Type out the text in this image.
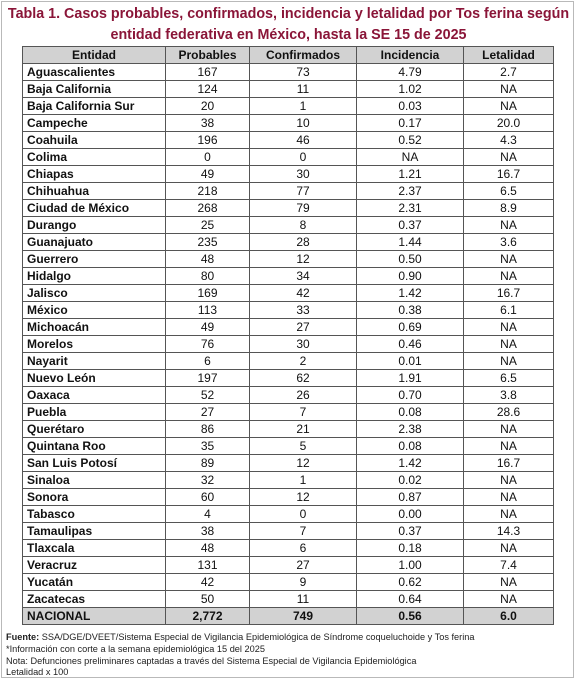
Tabla 1. Casos probables, confirmados, incidencia y letalidad por Tos ferina según
entidad federativa en México, hasta la SE 15 de 2025
Entidad	Probables	Confirmados	Incidencia	Letalidad
Aguascalientes	167	73	4.79	2.7
Baja California	124	11	1.02	NA
Baja California Sur	20	1	0.03	NA
Campeche	38	10	0.17	20.0
Coahuila	196	46	0.52	4.3
Colima	0	0	NA	NA
Chiapas	49	30	1.21	16.7
Chihuahua	218	77	2.37	6.5
Ciudad de México	268	79	2.31	8.9
Durango	25	8	0.37	NA
Guanajuato	235	28	1.44	3.6
Guerrero	48	12	0.50	NA
Hidalgo	80	34	0.90	NA
Jalisco	169	42	1.42	16.7
México	113	33	0.38	6.1
Michoacán	49	27	0.69	NA
Morelos	76	30	0.46	NA
Nayarit	6	2	0.01	NA
Nuevo León	197	62	1.91	6.5
Oaxaca	52	26	0.70	3.8
Puebla	27	7	0.08	28.6
Querétaro	86	21	2.38	NA
Quintana Roo	35	5	0.08	NA
San Luis Potosí	89	12	1.42	16.7
Sinaloa	32	1	0.02	NA
Sonora	60	12	0.87	NA
Tabasco	4	0	0.00	NA
Tamaulipas	38	7	0.37	14.3
Tlaxcala	48	6	0.18	NA
Veracruz	131	27	1.00	7.4
Yucatán	42	9	0.62	NA
Zacatecas	50	11	0.64	NA
NACIONAL	2,772	749	0.56	6.0
Fuente: SSA/DGE/DVEET/Sistema Especial de Vigilancia Epidemiológica de Síndrome coqueluchoide y Tos ferina
*Información con corte a la semana epidemiológica 15 del 2025
Nota: Defunciones preliminares captadas a través del Sistema Especial de Vigilancia Epidemiológica
Letalidad x 100
